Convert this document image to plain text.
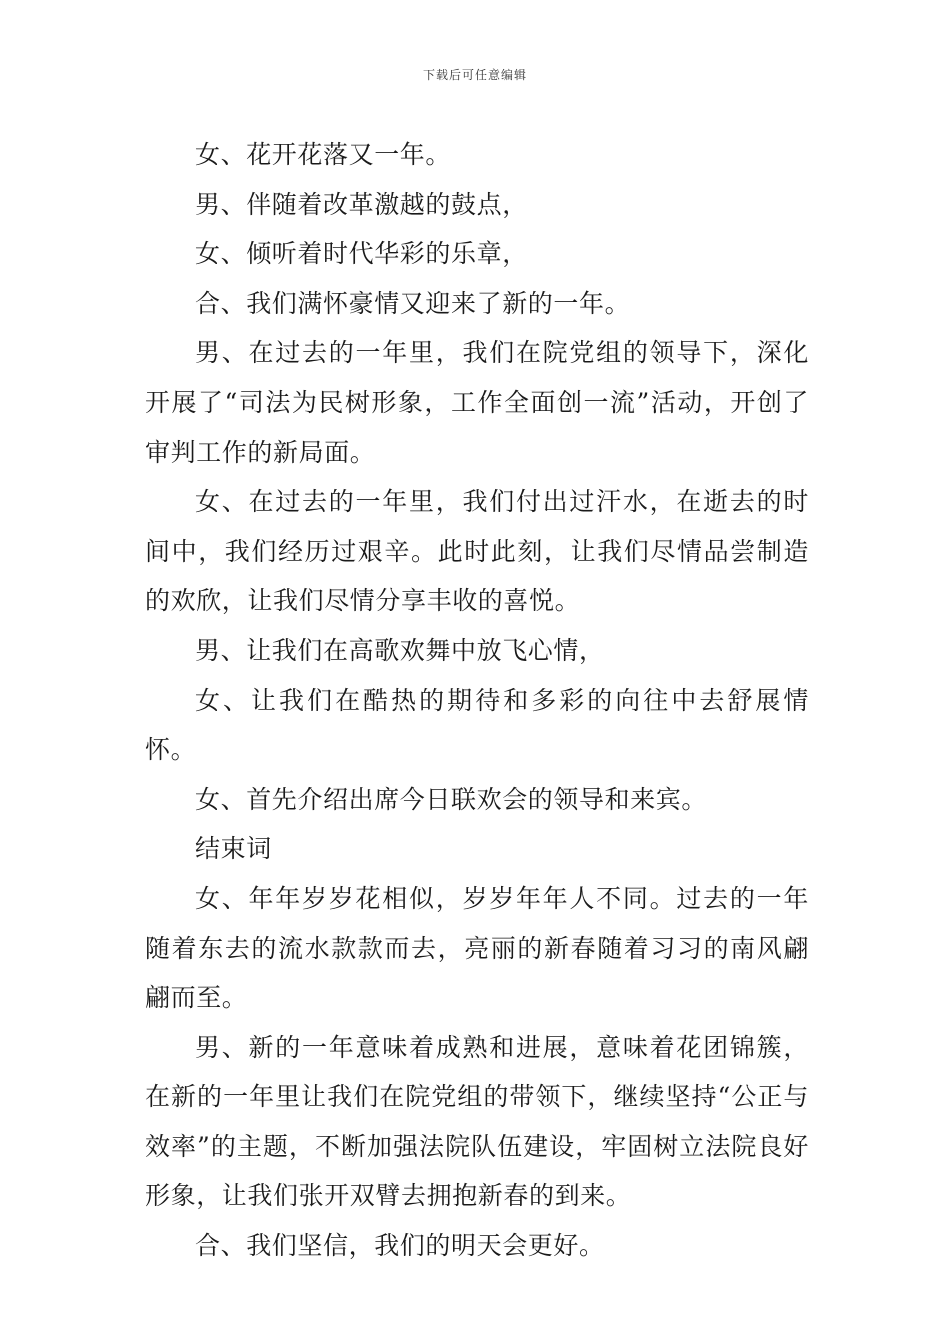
下载后可任意编辑

女、花开花落又一年。

男、伴随着改革激越的鼓点，

女、倾听着时代华彩的乐章，

合、我们满怀豪情又迎来了新的一年。

男、在过去的一年里，我们在院党组的领导下，深化开展了“司法为民树形象，工作全面创一流”活动，开创了审判工作的新局面。

女、在过去的一年里，我们付出过汗水，在逝去的时间中，我们经历过艰辛。此时此刻，让我们尽情品尝制造的欢欣，让我们尽情分享丰收的喜悦。

男、让我们在高歌欢舞中放飞心情，

女、让我们在酷热的期待和多彩的向往中去舒展情怀。

女、首先介绍出席今日联欢会的领导和来宾。

结束词

女、年年岁岁花相似，岁岁年年人不同。过去的一年随着东去的流水款款而去，亮丽的新春随着习习的南风翩翩而至。

男、新的一年意味着成熟和进展，意味着花团锦簇，在新的一年里让我们在院党组的带领下，继续坚持“公正与效率”的主题，不断加强法院队伍建设，牢固树立法院良好形象，让我们张开双臂去拥抱新春的到来。

合、我们坚信，我们的明天会更好。
